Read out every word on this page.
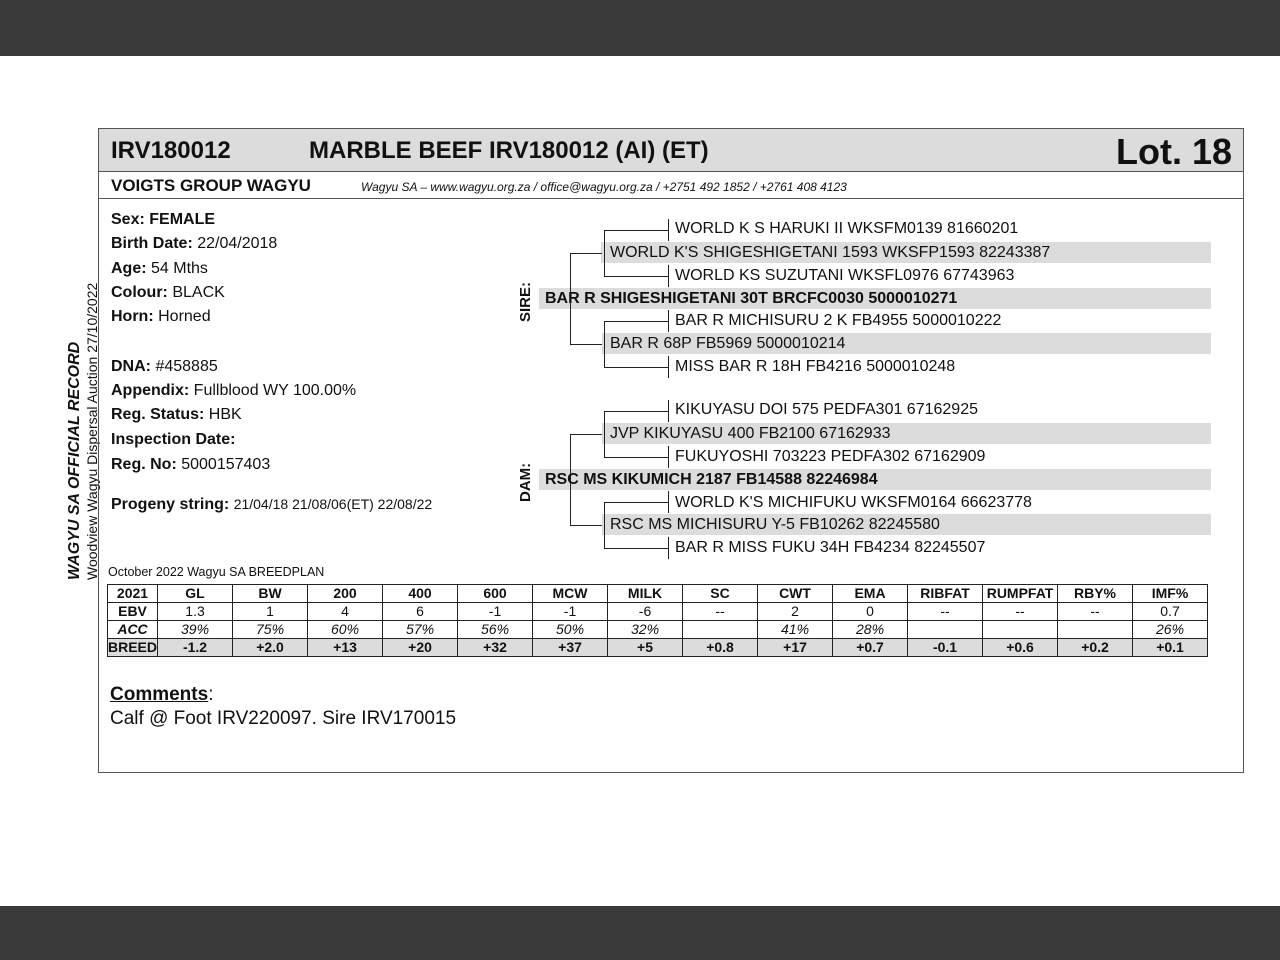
WAGYU SA OFFICIAL RECORD Woodview Wagyu Dispersal Auction 27/10/2022
IRV180012	MARBLE BEEF IRV180012 (AI) (ET)	Lot. 18
VOIGTS GROUP WAGYU	Wagyu SA – www.wagyu.org.za / office@wagyu.org.za / +2751 492 1852 / +2761 408 4123
Sex: FEMALE
Birth Date: 22/04/2018
Age: 54 Mths
Colour: BLACK
Horn: Horned
DNA: #458885
Appendix: Fullblood WY 100.00%
Reg. Status: HBK
Inspection Date:
Reg. No: 5000157403
Progeny string: 21/04/18 21/08/06(ET) 22/08/22
SIRE:
DAM:
WORLD K S HARUKI II WKSFM0139 81660201
WORLD K'S SHIGESHIGETANI 1593 WKSFP1593 82243387
WORLD KS SUZUTANI WKSFL0976 67743963
BAR R SHIGESHIGETANI 30T BRCFC0030 5000010271
BAR R MICHISURU 2 K FB4955 5000010222
BAR R 68P FB5969 5000010214
MISS BAR R 18H FB4216 5000010248
KIKUYASU DOI 575 PEDFA301 67162925
JVP KIKUYASU 400 FB2100 67162933
FUKUYOSHI 703223 PEDFA302 67162909
RSC MS KIKUMICH 2187 FB14588 82246984
WORLD K'S MICHIFUKU WKSFM0164 66623778
RSC MS MICHISURU Y-5 FB10262 82245580
BAR R MISS FUKU 34H FB4234 82245507
October 2022 Wagyu SA BREEDPLAN
2021	GL	BW	200	400	600	MCW	MILK	SC	CWT	EMA	RIBFAT	RUMPFAT	RBY%	IMF%
EBV	1.3	1	4	6	-1	-1	-6	--	2	0	--	--	--	0.7
ACC	39%	75%	60%	57%	56%	50%	32%		41%	28%				26%
BREED	-1.2	+2.0	+13	+20	+32	+37	+5	+0.8	+17	+0.7	-0.1	+0.6	+0.2	+0.1
Comments:
Calf @ Foot IRV220097. Sire IRV170015
